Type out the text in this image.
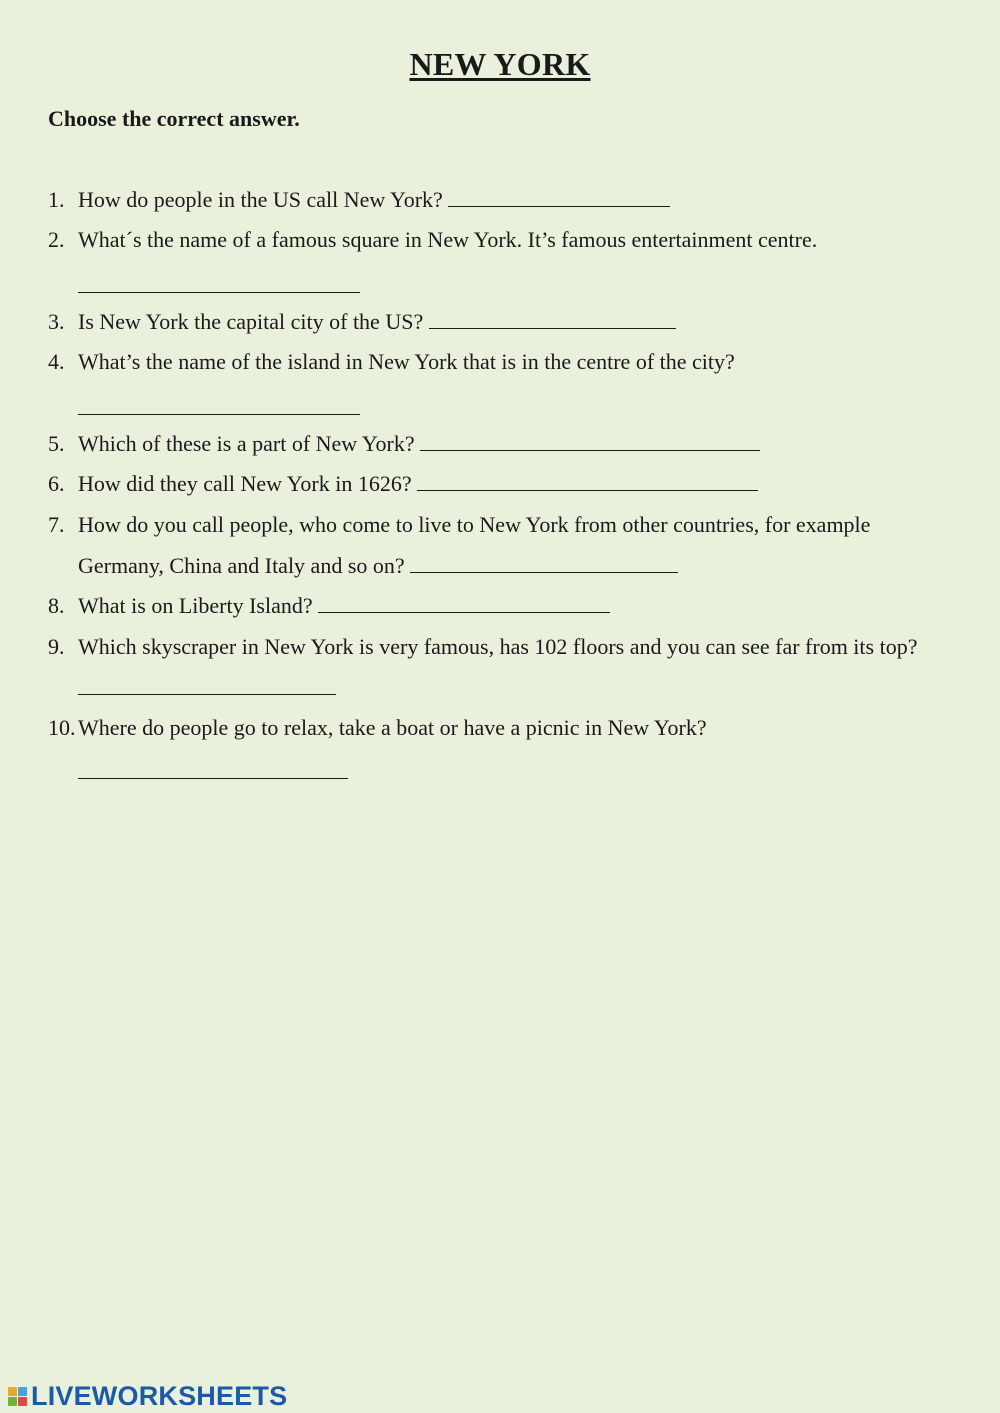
NEW YORK
Choose the correct answer.
1. How do people in the US call New York?
2. What´s the name of a famous square in New York. It’s famous entertainment centre.
3. Is New York the capital city of the US?
4. What’s the name of the island in New York that is in the centre of the city?
5. Which of these is a part of New York?
6. How did they call New York in 1626?
7. How do you call people, who come to live to New York from other countries, for example Germany, China and Italy and so on?
8. What is on Liberty Island?
9. Which skyscraper in New York is very famous, has 102 floors and you can see far from its top?
10. Where do people go to relax, take a boat or have a picnic in New York?
LIVEWORKSHEETS
